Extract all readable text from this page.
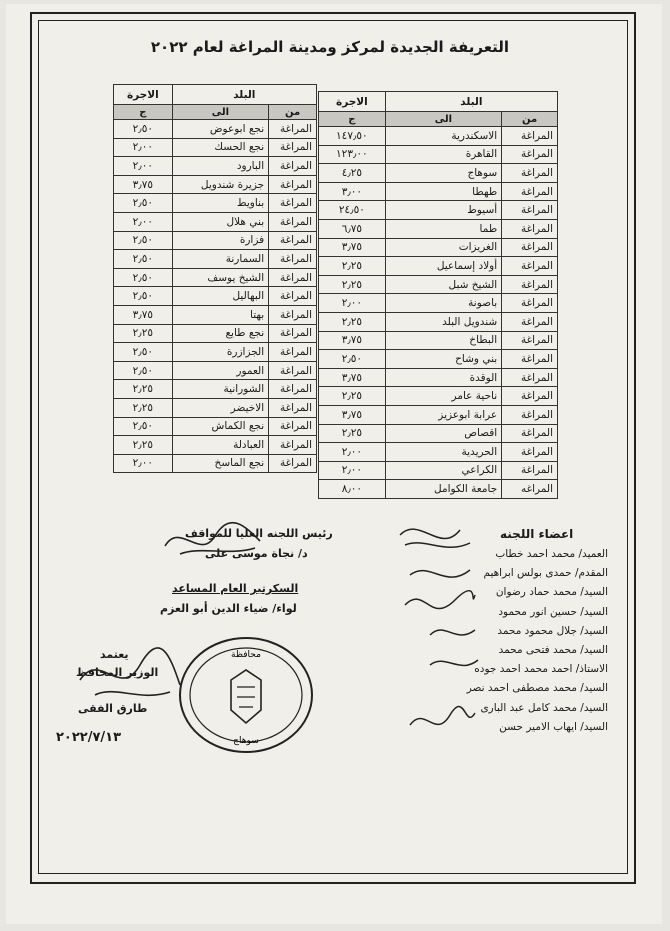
التعريفة الجديدة لمركز ومدينة المراغة لعام ٢٠٢٢
البلد		الاجرة
من	الى	ج
المراغة	الاسكندرية	١٤٧٫٥٠
المراغة	القاهرة	١٢٣٫٠٠
المراغة	سوهاج	٤٫٢٥
المراغة	طهطا	٣٫٠٠
المراغة	أسيوط	٢٤٫٥٠
المراغة	طما	٦٫٧٥
المراغة	الغريزات	٣٫٧٥
المراغة	أولاد إسماعيل	٢٫٢٥
المراغة	الشيخ شبل	٢٫٢٥
المراغة	باصونة	٢٫٠٠
المراغة	شندويل البلد	٢٫٢٥
المراغة	البطاخ	٣٫٧٥
المراغة	بني وشاح	٢٫٥٠
المراغة	الوقدة	٣٫٧٥
المراغة	ناحية عامر	٢٫٢٥
المراغة	عرابة ابوعزيز	٣٫٧٥
المراغة	اقصاص	٢٫٢٥
المراغة	الحريدية	٢٫٠٠
المراغة	الكراعي	٢٫٠٠
المراغه	جامعة الكوامل	٨٫٠٠
البلد		الاجرة
من	الى	ج
المراغة	نجع ابوعوض	٢٫٥٠
المراغة	نجع الحسك	٢٫٠٠
المراغة	البارود	٢٫٠٠
المراغة	جزيرة شندويل	٣٫٧٥
المراغة	بناويط	٢٫٥٠
المراغة	بني هلال	٢٫٠٠
المراغة	فزارة	٢٫٥٠
المراغة	السمارنة	٢٫٥٠
المراغة	الشيخ يوسف	٢٫٥٠
المراغة	البهاليل	٢٫٥٠
المراغة	بهتا	٣٫٧٥
المراغة	نجع طايع	٢٫٢٥
المراغة	الجزازرة	٢٫٥٠
المراغة	العمور	٢٫٥٠
المراغة	الشورانية	٢٫٢٥
المراغة	الاخيضر	٢٫٢٥
المراغة	نجع الكماش	٢٫٥٠
المراغة	العبادلة	٢٫٢٥
المراغة	نجع الماسخ	٢٫٠٠
رئيس اللجنه العليا للمواقف
د/ نجاة موسى على
السكرتير العام المساعد
لواء/ ضياء الدين أبو العزم
يعتمد
الوزير المحافظ
طارق الفقى
٢٠٢٢/٧/١٣
اعضاء اللجنه
العميد/ محمد احمد خطاب
المقدم/ حمدى بولس ابراهيم
السيد/ محمد حماد رضوان
السيد/ حسين انور محمود
السيد/ جلال محمود محمد
السيد/ محمد فتحى محمد
الاستاذ/ احمد محمد احمد جوده
السيد/ محمد مصطفى احمد نصر
السيد/ محمد كامل عبد البارى
السيد/ ايهاب الامير حسن
محافظة
سوهاج
